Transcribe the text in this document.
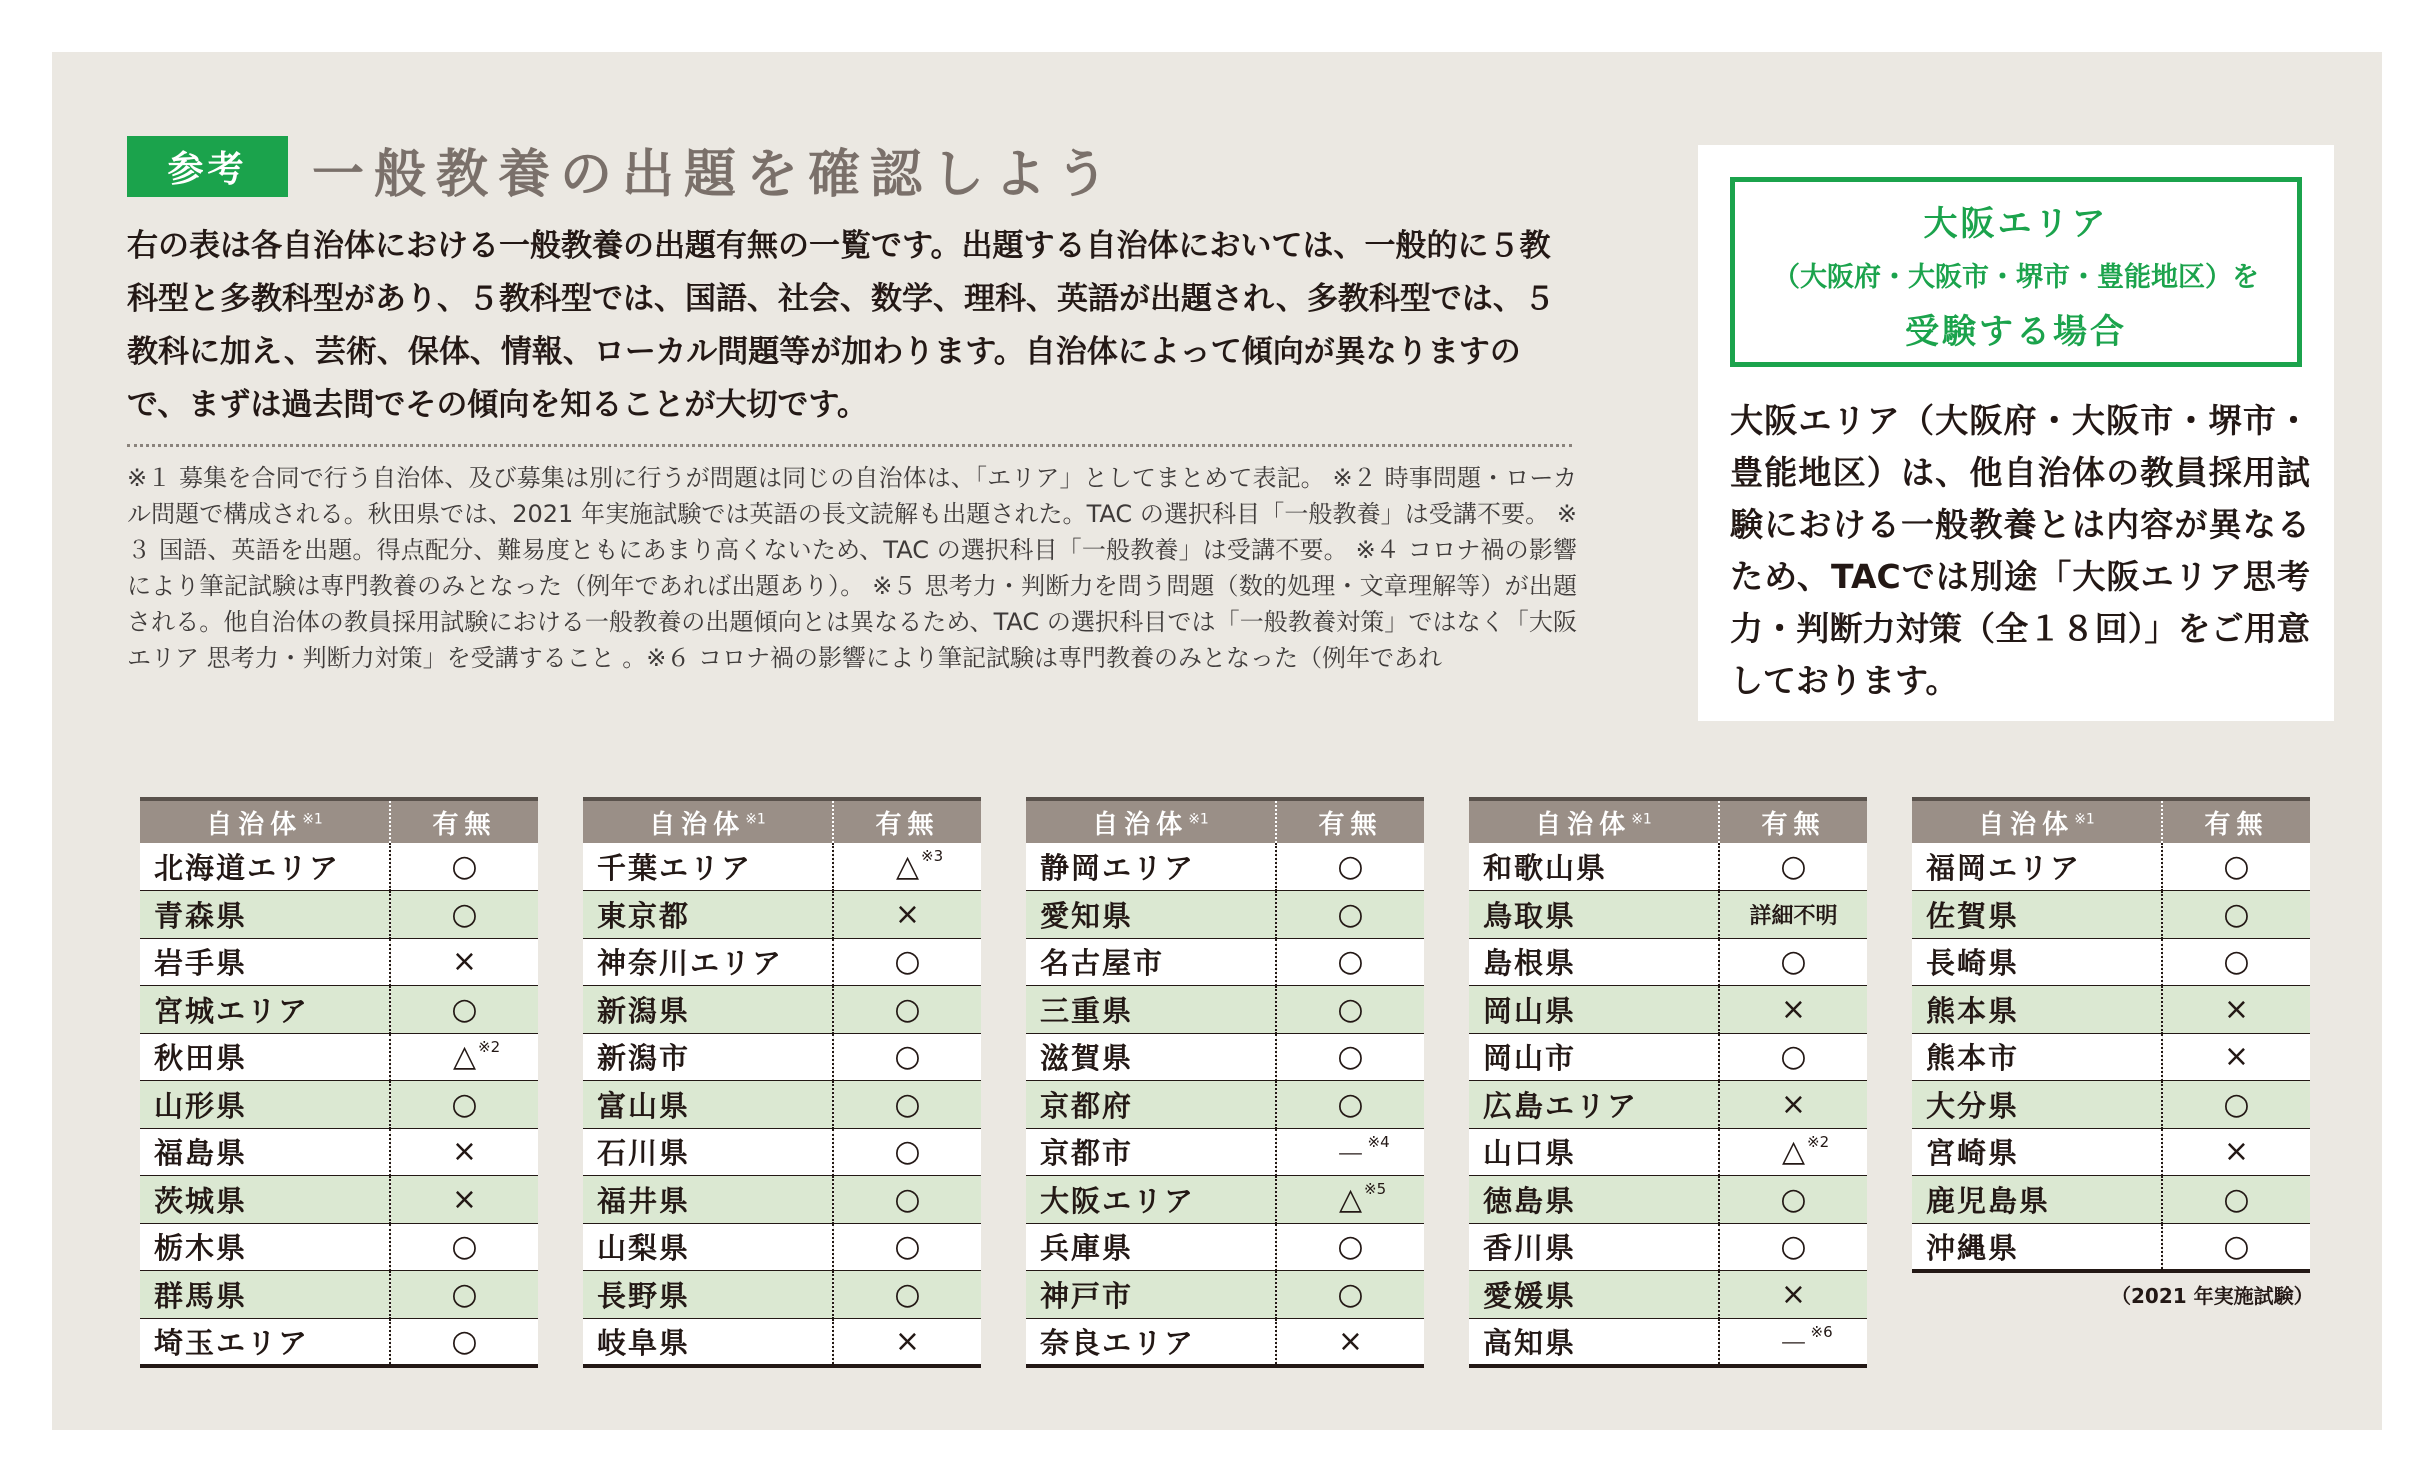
参考	一般教養の出題を確認しよう
右の表は各自治体における一般教養の出題有無の一覧です。出題する自治体においては、一般的に５教科型と多教科型があり、５教科型では、国語、社会、数学、理科、英語が出題され、多教科型では、５教科に加え、芸術、保体、情報、ローカル問題等が加わります。自治体によって傾向が異なりますので、まずは過去問でその傾向を知ることが大切です。
※１ 募集を合同で行う自治体、及び募集は別に行うが問題は同じの自治体は、「エリア」としてまとめて表記。 ※２ 時事問題・ローカル問題で構成される。秋田県では、2021 年実施試験では英語の長文読解も出題された。TAC の選択科目「一般教養」は受講不要。 ※３ 国語、英語を出題。得点配分、難易度ともにあまり高くないため、TAC の選択科目「一般教養」は受講不要。 ※４ コロナ禍の影響により筆記試験は専門教養のみとなった（例年であれば出題あり）。 ※５ 思考力・判断力を問う問題（数的処理・文章理解等）が出題される。他自治体の教員採用試験における一般教養の出題傾向とは異なるため、TAC の選択科目では「一般教養対策」ではなく「大阪エリア 思考力・判断力対策」を受講すること 。※６ コロナ禍の影響により筆記試験は専門教養のみとなった（例年であれ
大阪エリア
（大阪府・大阪市・堺市・豊能地区）を
受験する場合
大阪エリア（大阪府・大阪市・堺市・豊能地区）は、他自治体の教員採用試験における一般教養とは内容が異なるため、TACでは別途「大阪エリア思考力・判断力対策（全１８回）」をご用意しております。
自治体$^{※1}$	有無
北海道エリア	○
青森県	○
岩手県	×
宮城エリア	○
秋田県	△ ※2

山形県	○
福島県	×
茨城県	×
栃木県	○
群馬県	○
埼玉エリア	○
自治体$^{※1}$	有無
千葉エリア	△ ※3

東京都	×
神奈川エリア	○
新潟県	○
新潟市	○
富山県	○
石川県	○
福井県	○
山梨県	○
長野県	○
岐阜県	×
自治体$^{※1}$	有無
静岡エリア	○
愛知県	○
名古屋市	○
三重県	○
滋賀県	○
京都府	○
京都市	－ ※4

大阪エリア	△ ※5

兵庫県	○
神戸市	○
奈良エリア	×
自治体$^{※1}$	有無
和歌山県	○
鳥取県	詳細不明
島根県	○
岡山県	×
岡山市	○
広島エリア	×
山口県	△ ※2

徳島県	○
香川県	○
愛媛県	×
高知県	－ ※6
自治体$^{※1}$	有無
福岡エリア	○
佐賀県	○
長崎県	○
熊本県	×
熊本市	×
大分県	○
宮崎県	×
鹿児島県	○
沖縄県	○
（2021 年実施試験）
